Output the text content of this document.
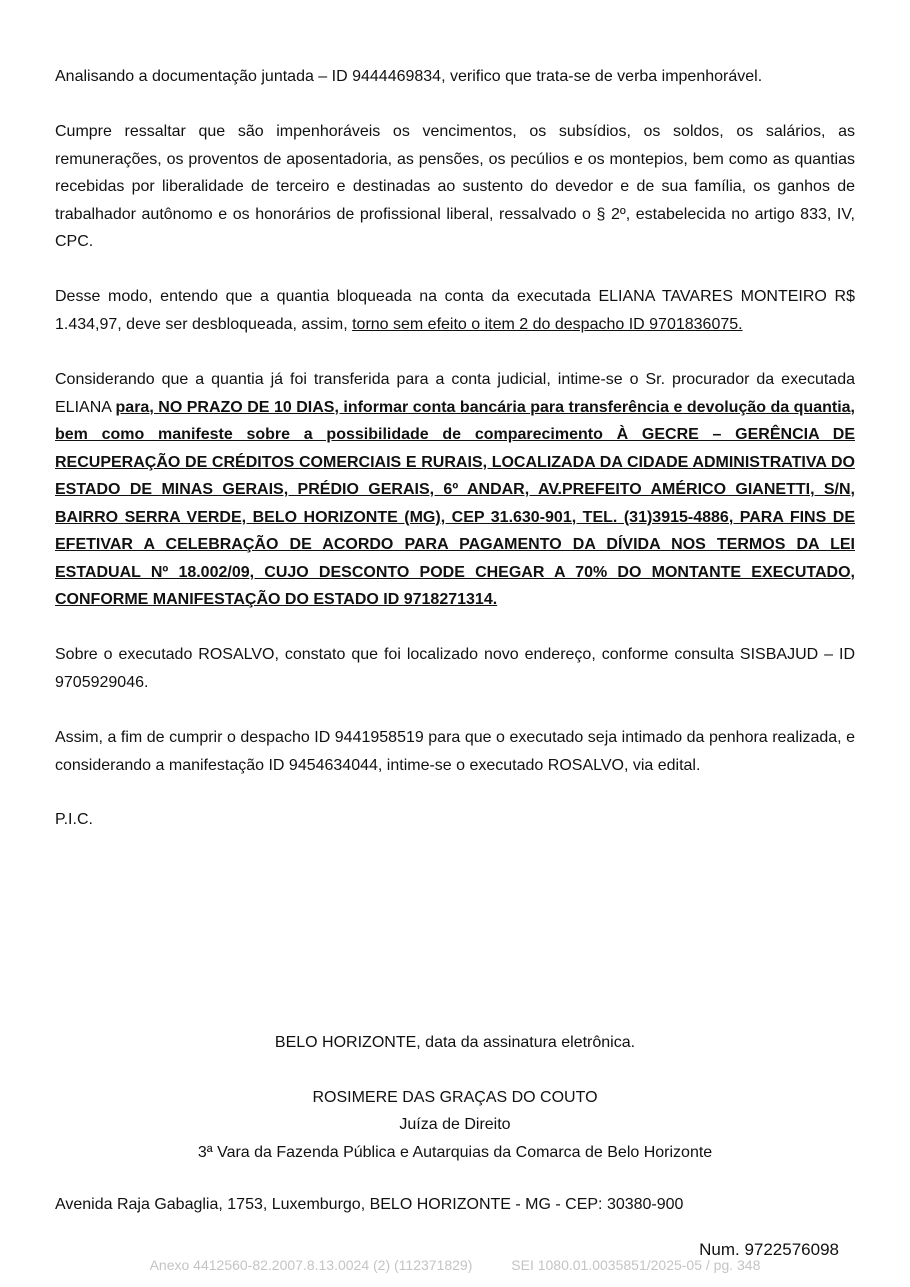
Analisando a documentação juntada – ID 9444469834, verifico que trata-se de verba impenhorável.

Cumpre ressaltar que são impenhoráveis os vencimentos, os subsídios, os soldos, os salários, as remunerações, os proventos de aposentadoria, as pensões, os pecúlios e os montepios, bem como as quantias recebidas por liberalidade de terceiro e destinadas ao sustento do devedor e de sua família, os ganhos de trabalhador autônomo e os honorários de profissional liberal, ressalvado o § 2º, estabelecida no artigo 833, IV, CPC.

Desse modo, entendo que a quantia bloqueada na conta da executada ELIANA TAVARES MONTEIRO R$ 1.434,97, deve ser desbloqueada, assim, torno sem efeito o item 2 do despacho ID 9701836075.

Considerando que a quantia já foi transferida para a conta judicial, intime-se o Sr. procurador da executada ELIANA para, NO PRAZO DE 10 DIAS, informar conta bancária para transferência e devolução da quantia, bem como manifeste sobre a possibilidade de comparecimento À GECRE – GERÊNCIA DE RECUPERAÇÃO DE CRÉDITOS COMERCIAIS E RURAIS, LOCALIZADA DA CIDADE ADMINISTRATIVA DO ESTADO DE MINAS GERAIS, PRÉDIO GERAIS, 6º ANDAR, AV.PREFEITO AMÉRICO GIANETTI, S/N, BAIRRO SERRA VERDE, BELO HORIZONTE (MG), CEP 31.630-901, TEL. (31)3915-4886, PARA FINS DE EFETIVAR A CELEBRAÇÃO DE ACORDO PARA PAGAMENTO DA DÍVIDA NOS TERMOS DA LEI ESTADUAL Nº 18.002/09, CUJO DESCONTO PODE CHEGAR A 70% DO MONTANTE EXECUTADO, CONFORME MANIFESTAÇÃO DO ESTADO ID 9718271314.

Sobre o executado ROSALVO, constato que foi localizado novo endereço, conforme consulta SISBAJUD – ID 9705929046.

Assim, a fim de cumprir o despacho ID 9441958519 para que o executado seja intimado da penhora realizada, e considerando a manifestação ID 9454634044, intime-se o executado ROSALVO, via edital.

P.I.C.

BELO HORIZONTE, data da assinatura eletrônica.
ROSIMERE DAS GRAÇAS DO COUTO
Juíza de Direito
3ª Vara da Fazenda Pública e Autarquias da Comarca de Belo Horizonte
Avenida Raja Gabaglia, 1753, Luxemburgo, BELO HORIZONTE - MG - CEP: 30380-900
Num. 9722576098
Anexo 4412560-82.2007.8.13.0024 (2) (112371829)	SEI 1080.01.0035851/2025-05 / pg. 348
